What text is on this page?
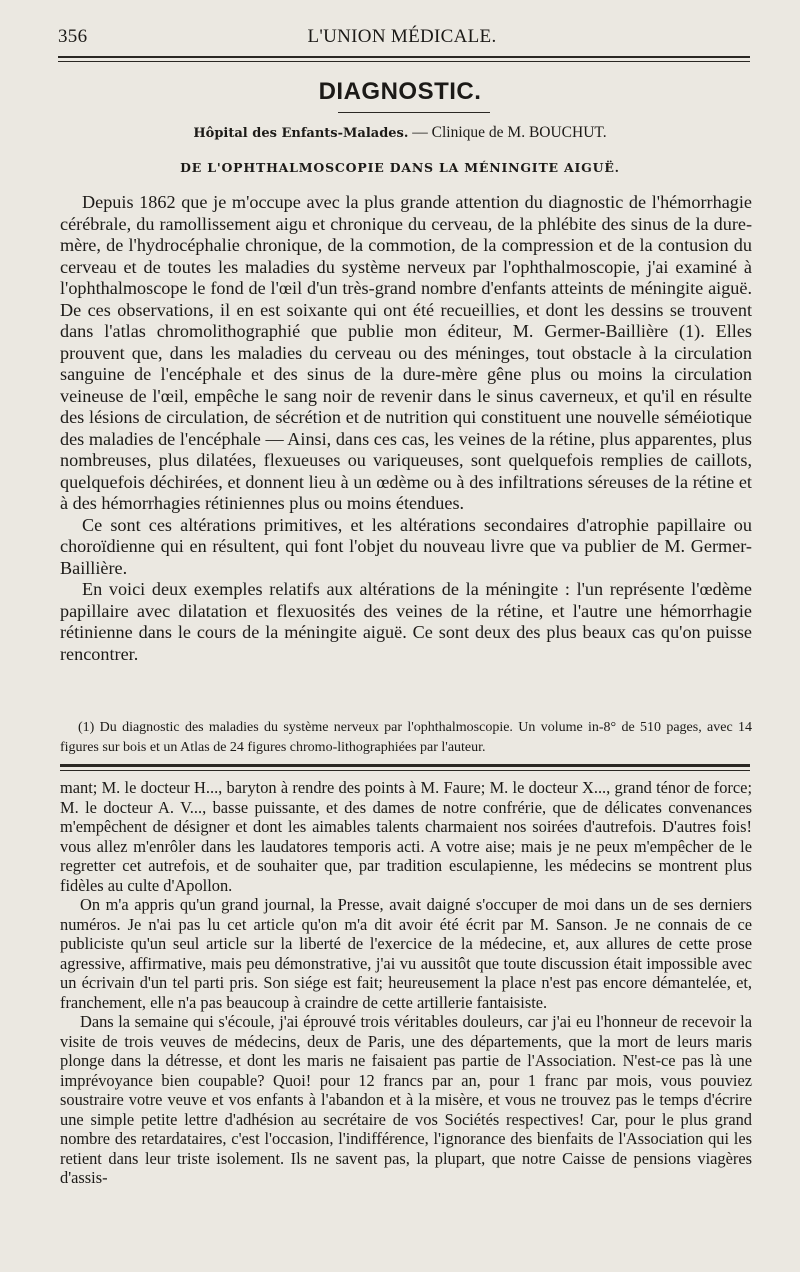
356	L'UNION MÉDICALE.
DIAGNOSTIC.
Hôpital des Enfants-Malades. — Clinique de M. BOUCHUT.
DE L'OPHTHALMOSCOPIE DANS LA MÉNINGITE AIGUË.

Depuis 1862 que je m'occupe avec la plus grande attention du diagnostic de l'hémorrhagie cérébrale, du ramollissement aigu et chronique du cerveau, de la phlébite des sinus de la dure-mère, de l'hydrocéphalie chronique, de la commotion, de la compression et de la contusion du cerveau et de toutes les maladies du système nerveux par l'ophthalmoscopie, j'ai examiné à l'ophthalmoscope le fond de l'œil d'un très-grand nombre d'enfants atteints de méningite aiguë. De ces observations, il en est soixante qui ont été recueillies, et dont les dessins se trouvent dans l'atlas chromolithographié que publie mon éditeur, M. Germer-Baillière (1). Elles prouvent que, dans les maladies du cerveau ou des méninges, tout obstacle à la circulation sanguine de l'encéphale et des sinus de la dure-mère gêne plus ou moins la circulation veineuse de l'œil, empêche le sang noir de revenir dans le sinus caverneux, et qu'il en résulte des lésions de circulation, de sécrétion et de nutrition qui constituent une nouvelle séméiotique des maladies de l'encéphale — Ainsi, dans ces cas, les veines de la rétine, plus apparentes, plus nombreuses, plus dilatées, flexueuses ou variqueuses, sont quelquefois remplies de caillots, quelquefois déchirées, et donnent lieu à un œdème ou à des infiltrations séreuses de la rétine et à des hémorrhagies rétiniennes plus ou moins étendues.

Ce sont ces altérations primitives, et les altérations secondaires d'atrophie papillaire ou choroïdienne qui en résultent, qui font l'objet du nouveau livre que va publier de M. Germer-Baillière.

En voici deux exemples relatifs aux altérations de la méningite : l'un représente l'œdème papillaire avec dilatation et flexuosités des veines de la rétine, et l'autre une hémorrhagie rétinienne dans le cours de la méningite aiguë. Ce sont deux des plus beaux cas qu'on puisse rencontrer.

(1) Du diagnostic des maladies du système nerveux par l'ophthalmoscopie. Un volume in-8° de 510 pages, avec 14 figures sur bois et un Atlas de 24 figures chromo-lithographiées par l'auteur.

mant; M. le docteur H..., baryton à rendre des points à M. Faure; M. le docteur X..., grand ténor de force; M. le docteur A. V..., basse puissante, et des dames de notre confrérie, que de délicates convenances m'empêchent de désigner et dont les aimables talents charmaient nos soirées d'autrefois. D'autres fois! vous allez m'enrôler dans les laudatores temporis acti. A votre aise; mais je ne peux m'empêcher de le regretter cet autrefois, et de souhaiter que, par tradition esculapienne, les médecins se montrent plus fidèles au culte d'Apollon.

On m'a appris qu'un grand journal, la Presse, avait daigné s'occuper de moi dans un de ses derniers numéros. Je n'ai pas lu cet article qu'on m'a dit avoir été écrit par M. Sanson. Je ne connais de ce publiciste qu'un seul article sur la liberté de l'exercice de la médecine, et, aux allures de cette prose agressive, affirmative, mais peu démonstrative, j'ai vu aussitôt que toute discussion était impossible avec un écrivain d'un tel parti pris. Son siége est fait; heureusement la place n'est pas encore démantelée, et, franchement, elle n'a pas beaucoup à craindre de cette artillerie fantaisiste.

Dans la semaine qui s'écoule, j'ai éprouvé trois véritables douleurs, car j'ai eu l'honneur de recevoir la visite de trois veuves de médecins, deux de Paris, une des départements, que la mort de leurs maris plonge dans la détresse, et dont les maris ne faisaient pas partie de l'Association. N'est-ce pas là une imprévoyance bien coupable? Quoi! pour 12 francs par an, pour 1 franc par mois, vous pouviez soustraire votre veuve et vos enfants à l'abandon et à la misère, et vous ne trouvez pas le temps d'écrire une simple petite lettre d'adhésion au secrétaire de vos Sociétés respectives! Car, pour le plus grand nombre des retardataires, c'est l'occasion, l'indifférence, l'ignorance des bienfaits de l'Association qui les retient dans leur triste isolement. Ils ne savent pas, la plupart, que notre Caisse de pensions viagères d'assis-
